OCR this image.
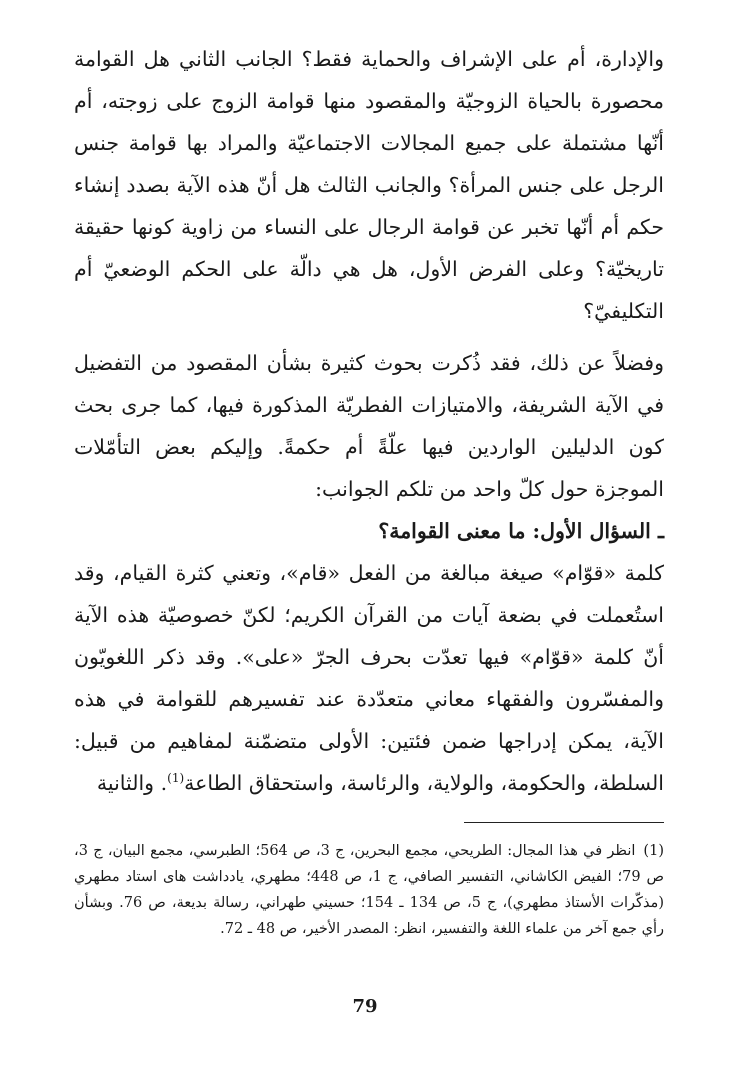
والإدارة، أم على الإشراف والحماية فقط؟ الجانب الثاني هل القوامة محصورة بالحياة الزوجيّة والمقصود منها قوامة الزوج على زوجته، أم أنّها مشتملة على جميع المجالات الاجتماعيّة والمراد بها قوامة جنس الرجل على جنس المرأة؟ والجانب الثالث هل أنّ هذه الآية بصدد إنشاء حكم أم أنّها تخبر عن قوامة الرجال على النساء من زاوية كونها حقيقة تاريخيّة؟ وعلى الفرض الأول، هل هي دالّة على الحكم الوضعيّ أم التكليفيّ؟

وفضلاً عن ذلك، فقد ذُكرت بحوث كثيرة بشأن المقصود من التفضيل في الآية الشريفة، والامتيازات الفطريّة المذكورة فيها، كما جرى بحث كون الدليلين الواردين فيها علّةً أم حكمةً. وإليكم بعض التأمّلات الموجزة حول كلّ واحد من تلكم الجوانب:

ـ السؤال الأول: ما معنى القوامة؟

كلمة «قوّام» صيغة مبالغة من الفعل «قام»، وتعني كثرة القيام، وقد استُعملت في بضعة آيات من القرآن الكريم؛ لكنّ خصوصيّة هذه الآية أنّ كلمة «قوّام» فيها تعدّت بحرف الجرّ «على». وقد ذكر اللغويّون والمفسّرون والفقهاء معاني متعدّدة عند تفسيرهم للقوامة في هذه الآية، يمكن إدراجها ضمن فئتين: الأولى متضمّنة لمفاهيم من قبيل: السلطة، والحكومة، والولاية، والرئاسة، واستحقاق الطاعة$^{(1)}$. والثانية

(1)انظر في هذا المجال: الطريحي، مجمع البحرين، ج 3، ص 564؛ الطبرسي، مجمع البيان، ج 3، ص 79؛ الفيض الكاشاني، التفسير الصافي، ج 1، ص 448؛ مطهري، يادداشت هاى استاد مطهري (مذكّرات الأستاذ مطهري)، ج 5، ص 134 ـ 154؛ حسيني طهراني، رسالة بديعة، ص 76. وبشأن رأي جمع آخر من علماء اللغة والتفسير، انظر: المصدر الأخير، ص 48 ـ 72.

79
